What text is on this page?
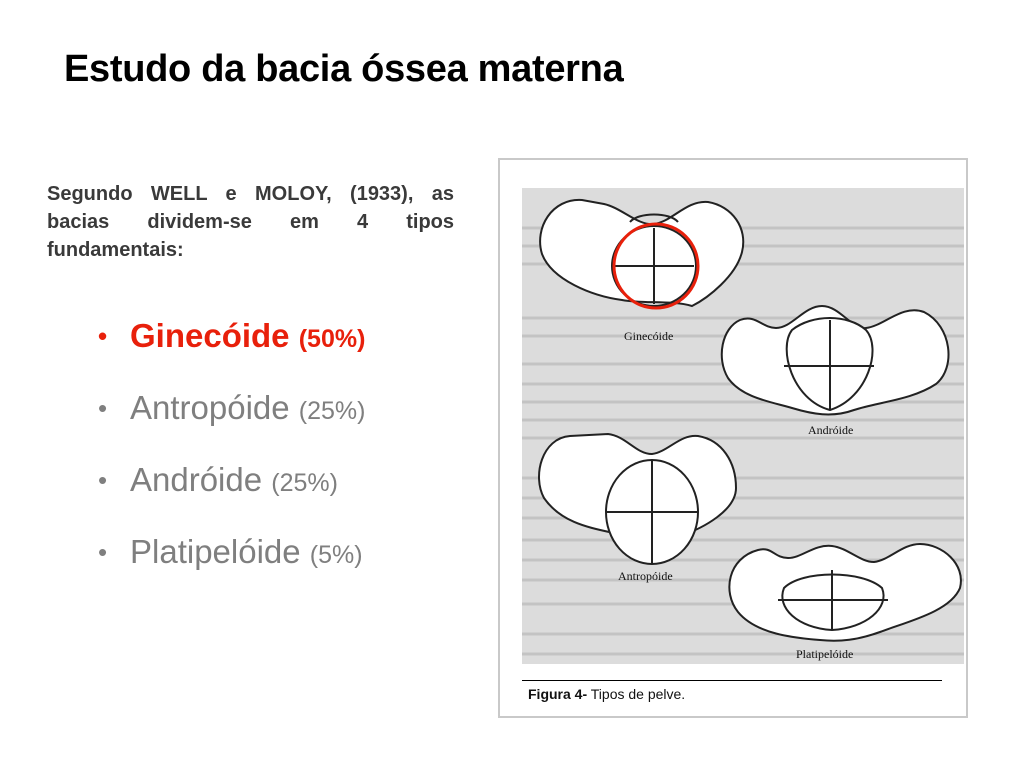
Estudo da bacia óssea materna
Segundo WELL e MOLOY, (1933), as bacias dividem-se em 4 tipos fundamentais:
• Ginecóide (50%)
• Antropóide (25%)
• Andróide (25%)
• Platipelóide (5%)
Ginecóide
Andróide
Antropóide
Platipelóide
Figura 4- Tipos de pelve.
